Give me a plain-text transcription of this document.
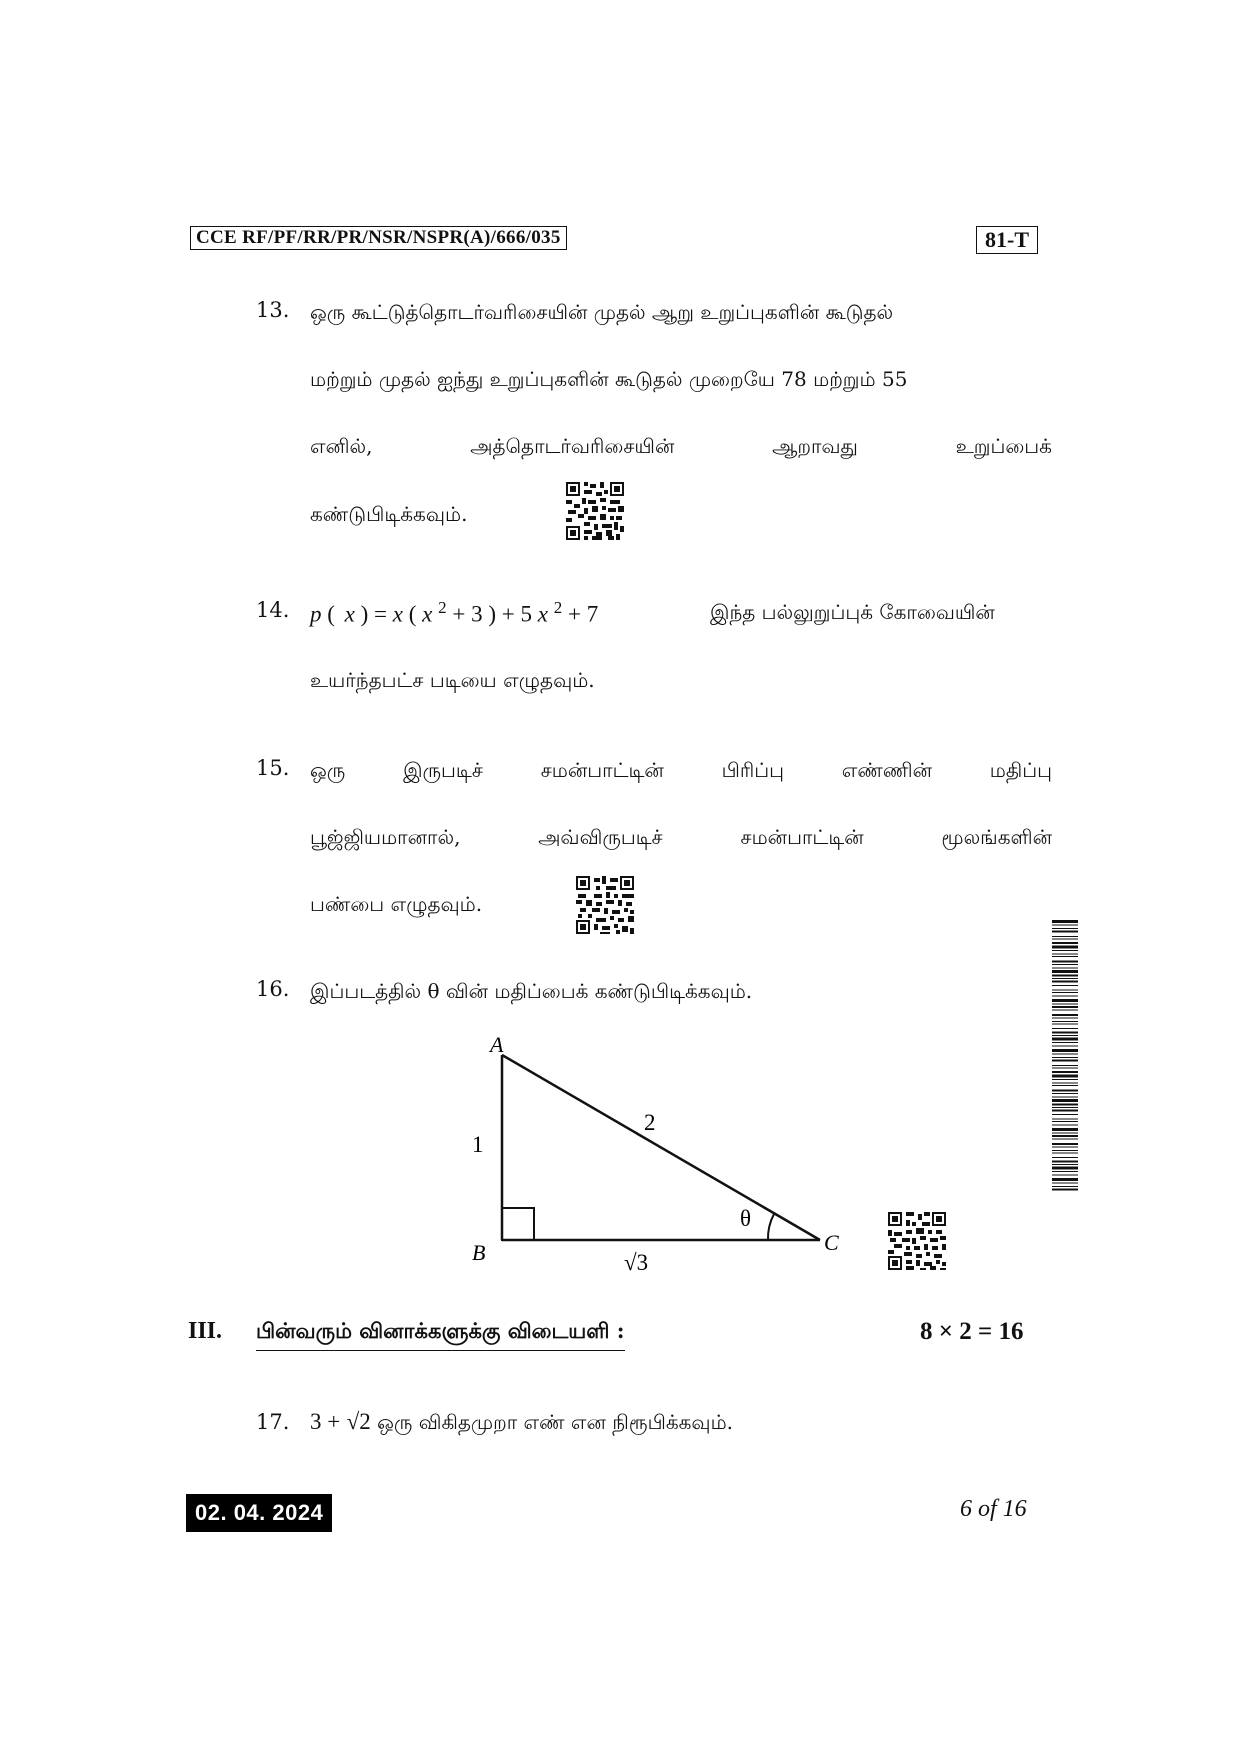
CCE RF/PF/RR/PR/NSR/NSPR(A)/666/035	81-T
13.	ஒரு கூட்டுத்தொடர்வரிசையின் முதல் ஆறு உறுப்புகளின் கூடுதல்
மற்றும் முதல் ஐந்து உறுப்புகளின் கூடுதல் முறையே 78 மற்றும் 55
எனில்,	அத்தொடர்வரிசையின்	ஆறாவது	உறுப்பைக்
கண்டுபிடிக்கவும்.
14. p ( x ) = x ( x $^2$ + 3 ) + 5 x $^2$ + 7	இந்த பல்லுறுப்புக் கோவையின்
உயர்ந்தபட்ச படியை எழுதவும்.
15.	ஒரு	இருபடிச்	சமன்பாட்டின்	பிரிப்பு	எண்ணின்	மதிப்பு
பூஜ்ஜியமானால்,	அவ்விருபடிச்	சமன்பாட்டின்	மூலங்களின்
பண்பை எழுதவும்.
16.	இப்படத்தில் θ வின் மதிப்பைக் கண்டுபிடிக்கவும்.
A
B	C
1
2
√3
θ
III. பின்வரும் வினாக்களுக்கு விடையளி :	8 × 2 = 16
17. 3 + √2 ஒரு விகிதமுறா எண் என நிரூபிக்கவும்.
02. 04. 2024	6 of 16
